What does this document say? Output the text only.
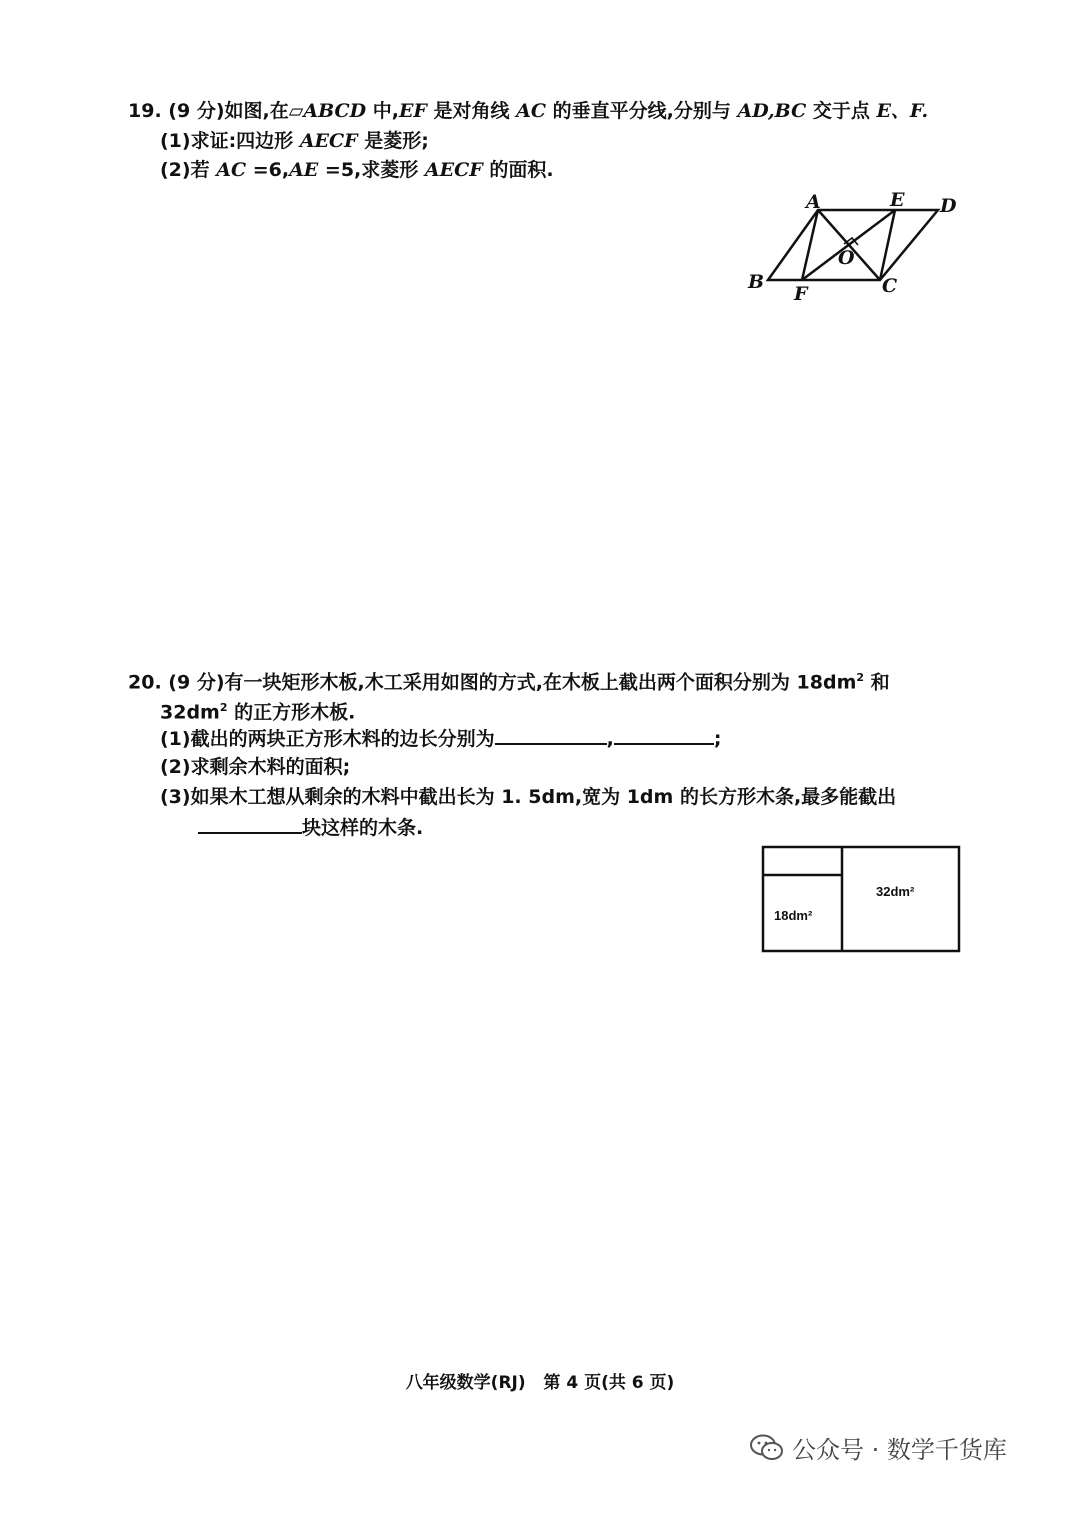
19. (9 分)如图,在▱ABCD 中,EF 是对角线 AC 的垂直平分线,分别与 AD,BC 交于点 E、F.
(1)求证:四边形 AECF 是菱形;
(2)若 AC =6,AE =5,求菱形 AECF 的面积.
A	E D
B
F	C
O
20. (9 分)有一块矩形木板,木工采用如图的方式,在木板上截出两个面积分别为 $18dm^2$ 和
$32dm^2$ 的正方形木板.
(1)截出的两块正方形木料的边长分别为	,	;
(2)求剩余木料的面积;
(3)如果木工想从剩余的木料中截出长为 1. 5dm,宽为 1dm 的长方形木条,最多能截出
块这样的木条.
18dm²
32dm²
八年级数学(RJ) 第 4 页(共 6 页)
公众号 · 数学千货库
